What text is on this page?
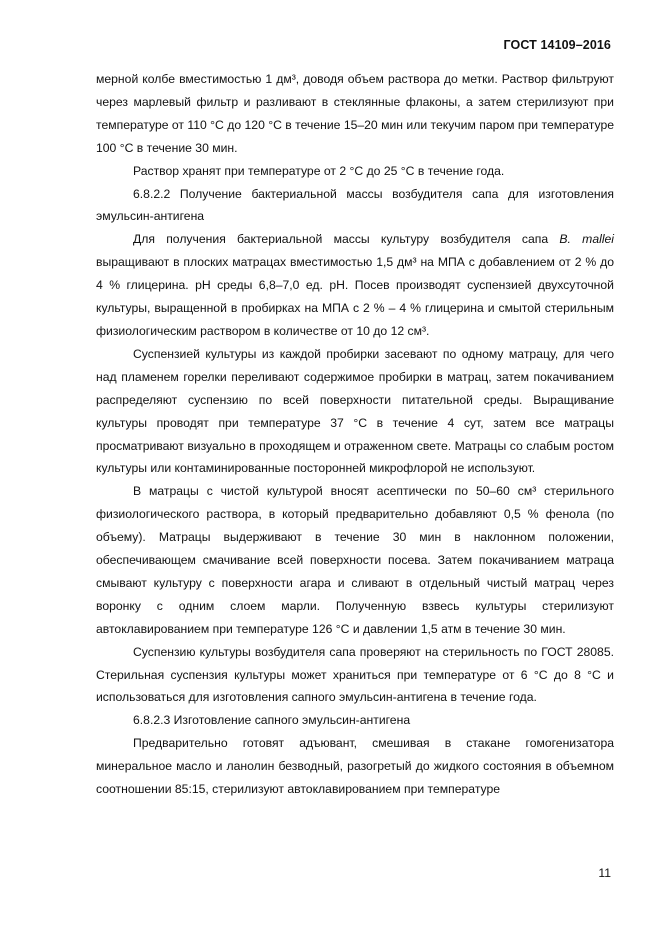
ГОСТ 14109–2016

мерной колбе вместимостью 1 дм³, доводя объем раствора до метки. Раствор фильтруют через марлевый фильтр и разливают в стеклянные флаконы, а затем стерилизуют при температуре от 110 °С до 120 °С в течение 15–20 мин или текучим паром при температуре 100 °С в течение 30 мин.

Раствор хранят при температуре от 2 °С до 25 °С в течение года.

6.8.2.2 Получение бактериальной массы возбудителя сапа для изготовления эмульсин-антигена

Для получения бактериальной массы культуру возбудителя сапа B. mallei выращивают в плоских матрацах вместимостью 1,5 дм³ на МПА с добавлением от 2 % до 4 % глицерина. рН среды 6,8–7,0 ед. рН. Посев производят суспензией двухсуточной культуры, выращенной в пробирках на МПА с 2 % – 4 % глицерина и смытой стерильным физиологическим раствором в количестве от 10 до 12 см³.

Суспензией культуры из каждой пробирки засевают по одному матрацу, для чего над пламенем горелки переливают содержимое пробирки в матрац, затем покачиванием распределяют суспензию по всей поверхности питательной среды. Выращивание культуры проводят при температуре 37 °С в течение 4 сут, затем все матрацы просматривают визуально в проходящем и отраженном свете. Матрацы со слабым ростом культуры или контаминированные посторонней микрофлорой не используют.

В матрацы с чистой культурой вносят асептически по 50–60 см³ стерильного физиологического раствора, в который предварительно добавляют 0,5 % фенола (по объему). Матрацы выдерживают в течение 30 мин в наклонном положении, обеспечивающем смачивание всей поверхности посева. Затем покачиванием матраца смывают культуру с поверхности агара и сливают в отдельный чистый матрац через воронку с одним слоем марли. Полученную взвесь культуры стерилизуют автоклавированием при температуре 126 °С и давлении 1,5 атм в течение 30 мин.

Суспензию культуры возбудителя сапа проверяют на стерильность по ГОСТ 28085. Стерильная суспензия культуры может храниться при температуре от 6 °С до 8 °С и использоваться для изготовления сапного эмульсин-антигена в течение года.

6.8.2.3 Изготовление сапного эмульсин-антигена

Предварительно готовят адъювант, смешивая в стакане гомогенизатора минеральное масло и ланолин безводный, разогретый до жидкого состояния в объемном соотношении 85:15, стерилизуют автоклавированием при температуре

11
